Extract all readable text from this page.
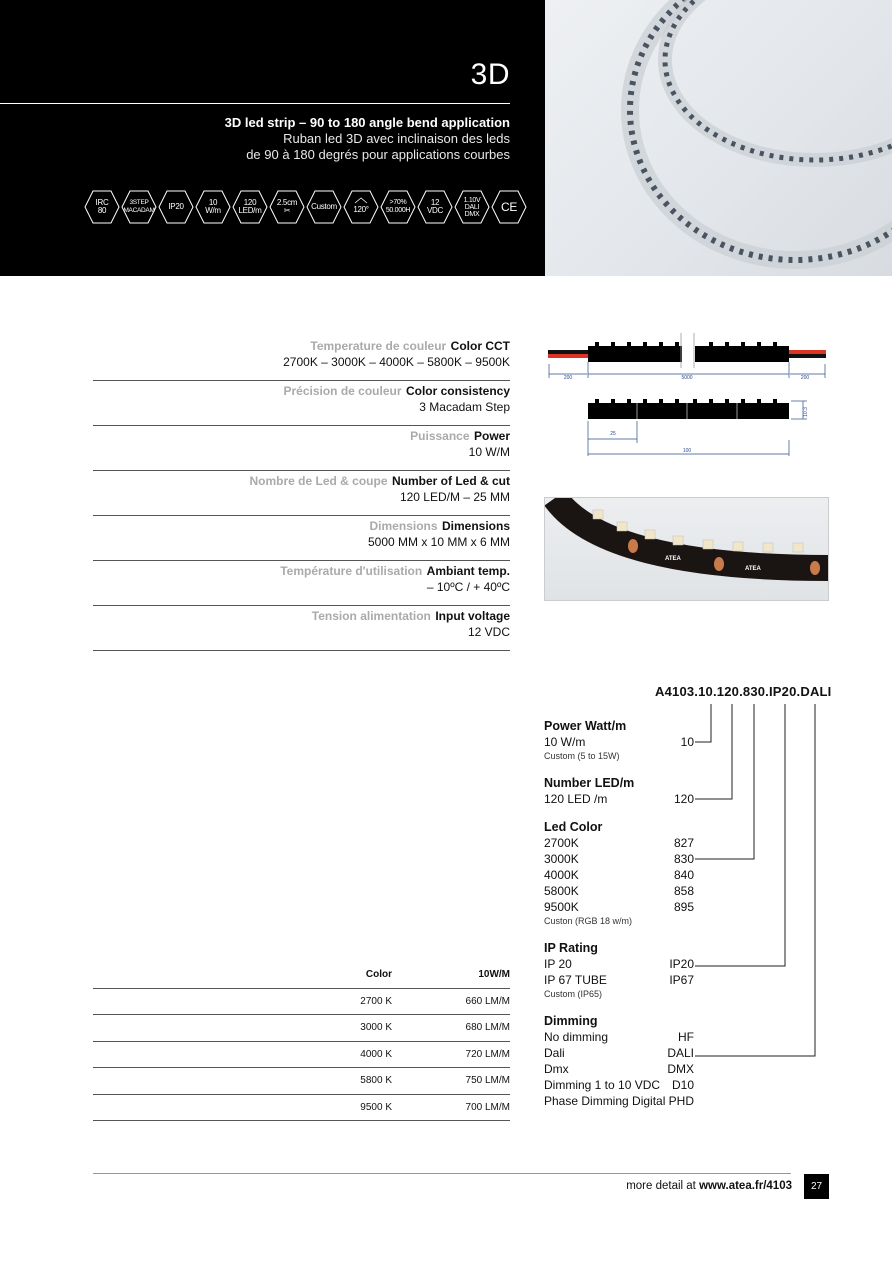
3D
3D led strip – 90 to 180 angle bend application
Ruban led 3D avec inclinaison des leds
de 90 à 180 degrés pour applications courbes
IRC
80
3STEP
MACADAM IP20	10
W/m
120
LED/m
2.5cm
✂	Custom 120°
>70%
50.000H
12
VDC
1.10V
DALI
DMX CE
Temperature de couleur Color CCT
2700K – 3000K – 4000K – 5800K – 9500K
Précision de couleur Color consistency
3 Macadam Step
Puissance Power
10 W/M
Nombre de Led & coupe Number of Led & cut
120 LED/M – 25 MM
Dimensions Dimensions
5000 MM x 10 MM x 6 MM
Température d'utilisation Ambiant temp.
– 10ºC / + 40ºC
Tension alimentation Input voltage
12 VDC
200	5000	200
10.3
25
100
ATEA
ATEA
A4103.10.120.830.IP20.DALI
Power Watt/m
10 W/m	10
Custom (5 to 15W)
Number LED/m
120 LED /m	120
Led Color
2700K	827
3000K	830
4000K	840
5800K	858
9500K	895
Custon (RGB 18 w/m)
IP Rating
IP 20	IP20
IP 67 TUBE	IP67
Custom (IP65)
Dimming
No dimming	HF
Dali	DALI
Dmx	DMX
Dimming 1 to 10 VDC D10
Phase Dimming Digital PHD
Color	10W/M
2700 K	660 LM/M
3000 K	680 LM/M
4000 K	720 LM/M
5800 K	750 LM/M
9500 K	700 LM/M
more detail at www.atea.fr/4103	27
